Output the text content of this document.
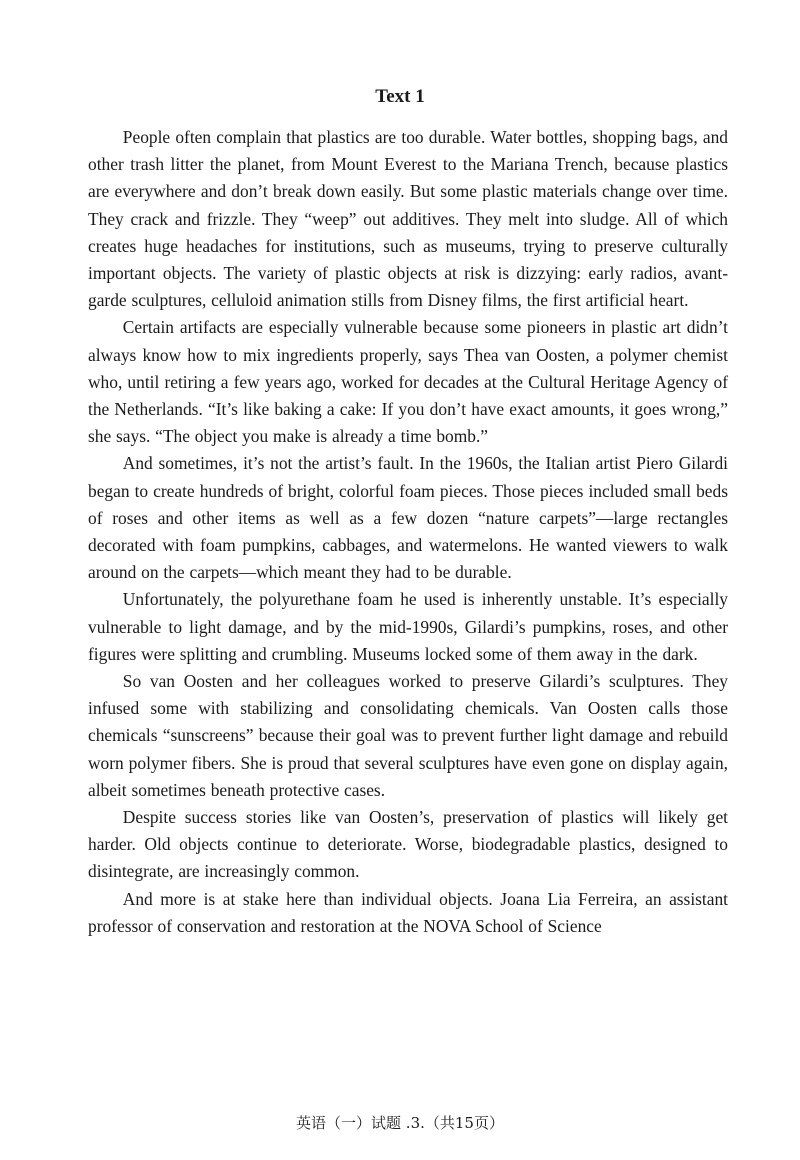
Text 1

People often complain that plastics are too durable. Water bottles, shopping bags, and other trash litter the planet, from Mount Everest to the Mariana Trench, because plastics are everywhere and don’t break down easily. But some plastic materials change over time. They crack and frizzle. They “weep” out additives. They melt into sludge. All of which creates huge headaches for institutions, such as museums, trying to preserve culturally important objects. The variety of plastic objects at risk is dizzying: early radios, avant-garde sculptures, celluloid animation stills from Disney films, the first artificial heart.

Certain artifacts are especially vulnerable because some pioneers in plastic art didn’t always know how to mix ingredients properly, says Thea van Oosten, a polymer chemist who, until retiring a few years ago, worked for decades at the Cultural Heritage Agency of the Netherlands. “It’s like baking a cake: If you don’t have exact amounts, it goes wrong,” she says. “The object you make is already a time bomb.”

And sometimes, it’s not the artist’s fault. In the 1960s, the Italian artist Piero Gilardi began to create hundreds of bright, colorful foam pieces. Those pieces included small beds of roses and other items as well as a few dozen “nature carpets”—large rectangles decorated with foam pumpkins, cabbages, and watermelons. He wanted viewers to walk around on the carpets—which meant they had to be durable.

Unfortunately, the polyurethane foam he used is inherently unstable. It’s especially vulnerable to light damage, and by the mid-1990s, Gilardi’s pumpkins, roses, and other figures were splitting and crumbling. Museums locked some of them away in the dark.

So van Oosten and her colleagues worked to preserve Gilardi’s sculptures. They infused some with stabilizing and consolidating chemicals. Van Oosten calls those chemicals “sunscreens” because their goal was to prevent further light damage and rebuild worn polymer fibers. She is proud that several sculptures have even gone on display again, albeit sometimes beneath protective cases.

Despite success stories like van Oosten’s, preservation of plastics will likely get harder. Old objects continue to deteriorate. Worse, biodegradable plastics, designed to disintegrate, are increasingly common.

And more is at stake here than individual objects. Joana Lia Ferreira, an assistant professor of conservation and restoration at the NOVA School of Science

英语（一）试题 .3.（共15页）
